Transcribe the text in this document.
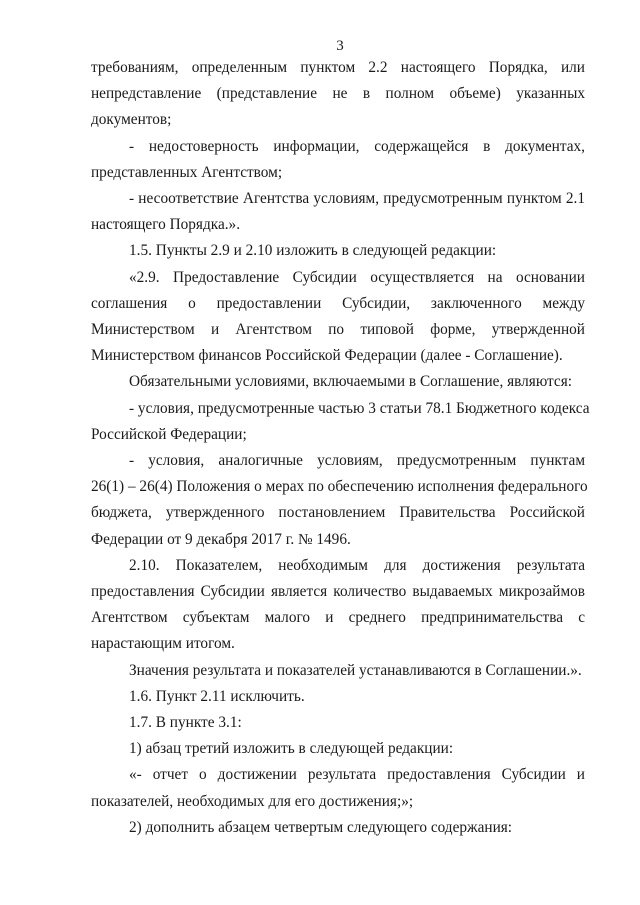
3
требованиям, определенным пунктом 2.2 настоящего Порядка, или
непредставление (представление не в полном объеме) указанных
документов;
- недостоверность информации, содержащейся в документах,
представленных Агентством;
- несоответствие Агентства условиям, предусмотренным пунктом 2.1
настоящего Порядка.».
1.5. Пункты 2.9 и 2.10 изложить в следующей редакции:
«2.9. Предоставление Субсидии осуществляется на основании
соглашения о предоставлении Субсидии, заключенного между
Министерством и Агентством по типовой форме, утвержденной
Министерством финансов Российской Федерации (далее - Соглашение).
Обязательными условиями, включаемыми в Соглашение, являются:
- условия, предусмотренные частью 3 статьи 78.1 Бюджетного кодекса
Российской Федерации;
- условия, аналогичные условиям, предусмотренным пунктам
26(1) – 26(4) Положения о мерах по обеспечению исполнения федерального
бюджета, утвержденного постановлением Правительства Российской
Федерации от 9 декабря 2017 г. № 1496.
2.10. Показателем, необходимым для достижения результата
предоставления Субсидии является количество выдаваемых микрозаймов
Агентством субъектам малого и среднего предпринимательства с
нарастающим итогом.
Значения результата и показателей устанавливаются в Соглашении.».
1.6. Пункт 2.11 исключить.
1.7. В пункте 3.1:
1) абзац третий изложить в следующей редакции:
«- отчет о достижении результата предоставления Субсидии и
показателей, необходимых для его достижения;»;
2) дополнить абзацем четвертым следующего содержания:
